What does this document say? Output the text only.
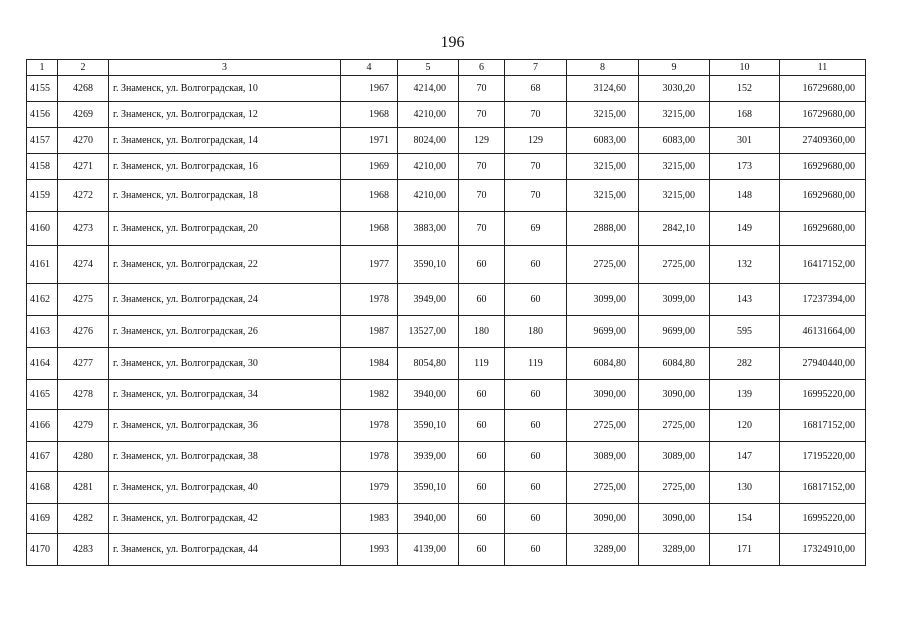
196
1	2	3	4	5	6	7	8	9	10	11
4155	4268	г. Знаменск, ул. Волгоградская, 10	1967	4214,00	70	68	3124,60	3030,20	152	16729680,00
4156	4269	г. Знаменск, ул. Волгоградская, 12	1968	4210,00	70	70	3215,00	3215,00	168	16729680,00
4157	4270	г. Знаменск, ул. Волгоградская, 14	1971	8024,00	129	129	6083,00	6083,00	301	27409360,00
4158	4271	г. Знаменск, ул. Волгоградская, 16	1969	4210,00	70	70	3215,00	3215,00	173	16929680,00
4159	4272	г. Знаменск, ул. Волгоградская, 18	1968	4210,00	70	70	3215,00	3215,00	148	16929680,00
4160	4273	г. Знаменск, ул. Волгоградская, 20	1968	3883,00	70	69	2888,00	2842,10	149	16929680,00
4161	4274	г. Знаменск, ул. Волгоградская, 22	1977	3590,10	60	60	2725,00	2725,00	132	16417152,00
4162	4275	г. Знаменск, ул. Волгоградская, 24	1978	3949,00	60	60	3099,00	3099,00	143	17237394,00
4163	4276	г. Знаменск, ул. Волгоградская, 26	1987	13527,00	180	180	9699,00	9699,00	595	46131664,00
4164	4277	г. Знаменск, ул. Волгоградская, 30	1984	8054,80	119	119	6084,80	6084,80	282	27940440,00
4165	4278	г. Знаменск, ул. Волгоградская, 34	1982	3940,00	60	60	3090,00	3090,00	139	16995220,00
4166	4279	г. Знаменск, ул. Волгоградская, 36	1978	3590,10	60	60	2725,00	2725,00	120	16817152,00
4167	4280	г. Знаменск, ул. Волгоградская, 38	1978	3939,00	60	60	3089,00	3089,00	147	17195220,00
4168	4281	г. Знаменск, ул. Волгоградская, 40	1979	3590,10	60	60	2725,00	2725,00	130	16817152,00
4169	4282	г. Знаменск, ул. Волгоградская, 42	1983	3940,00	60	60	3090,00	3090,00	154	16995220,00
4170	4283	г. Знаменск, ул. Волгоградская, 44	1993	4139,00	60	60	3289,00	3289,00	171	17324910,00
